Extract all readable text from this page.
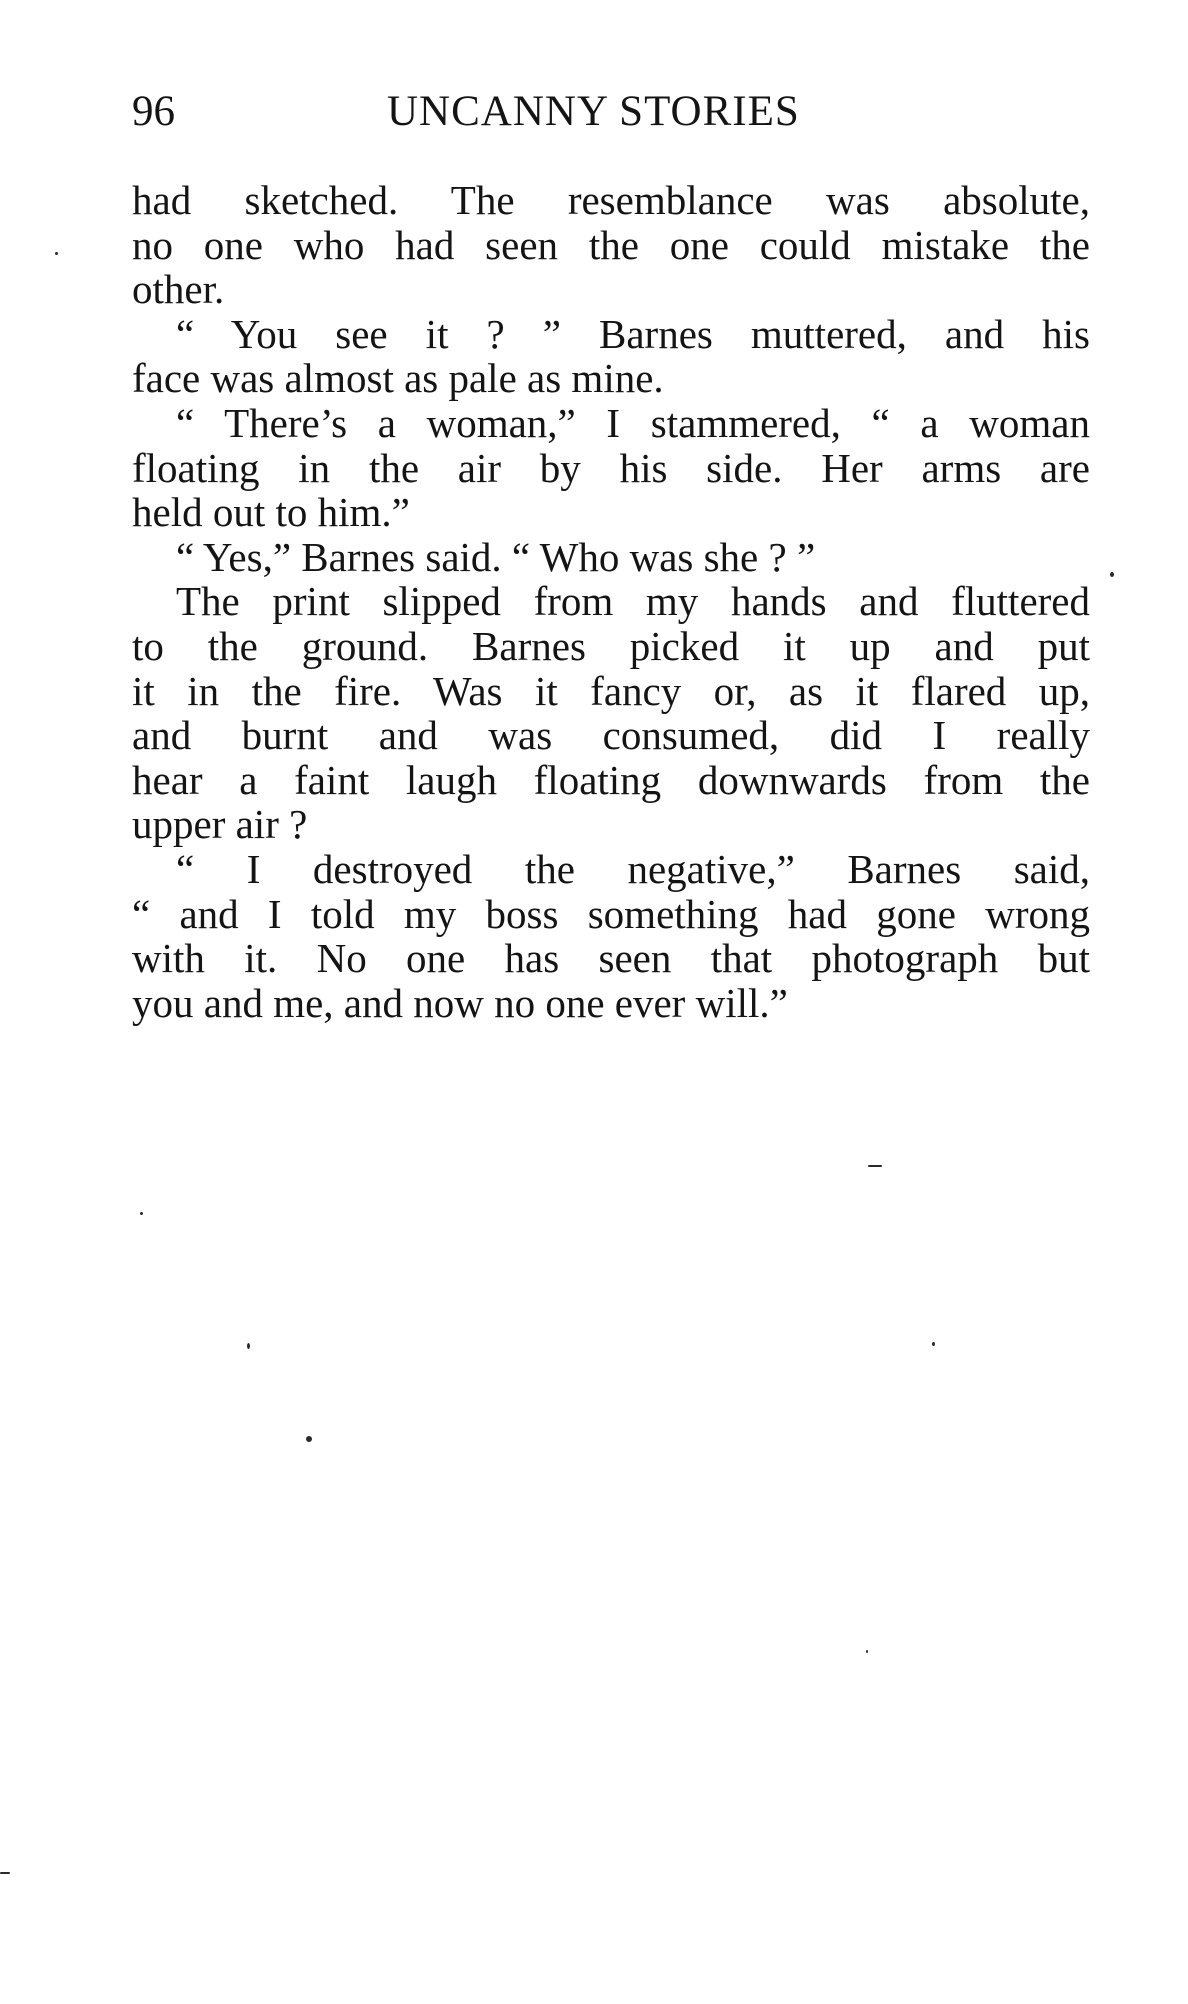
96	UNCANNY STORIES
had sketched. The resemblance was absolute,
no one who had seen the one could mistake the
other.
“ You see it ? ” Barnes muttered, and his
face was almost as pale as mine.
“ There’s a woman,” I stammered, “ a woman
floating in the air by his side. Her arms are
held out to him.”
“ Yes,” Barnes said. “ Who was she ? ”
The print slipped from my hands and fluttered
to the ground. Barnes picked it up and put
it in the fire. Was it fancy or, as it flared up,
and burnt and was consumed, did I really
hear a faint laugh floating downwards from the
upper air ?
“ I destroyed the negative,” Barnes said,
“ and I told my boss something had gone wrong
with it. No one has seen that photograph but
you and me, and now no one ever will.”
